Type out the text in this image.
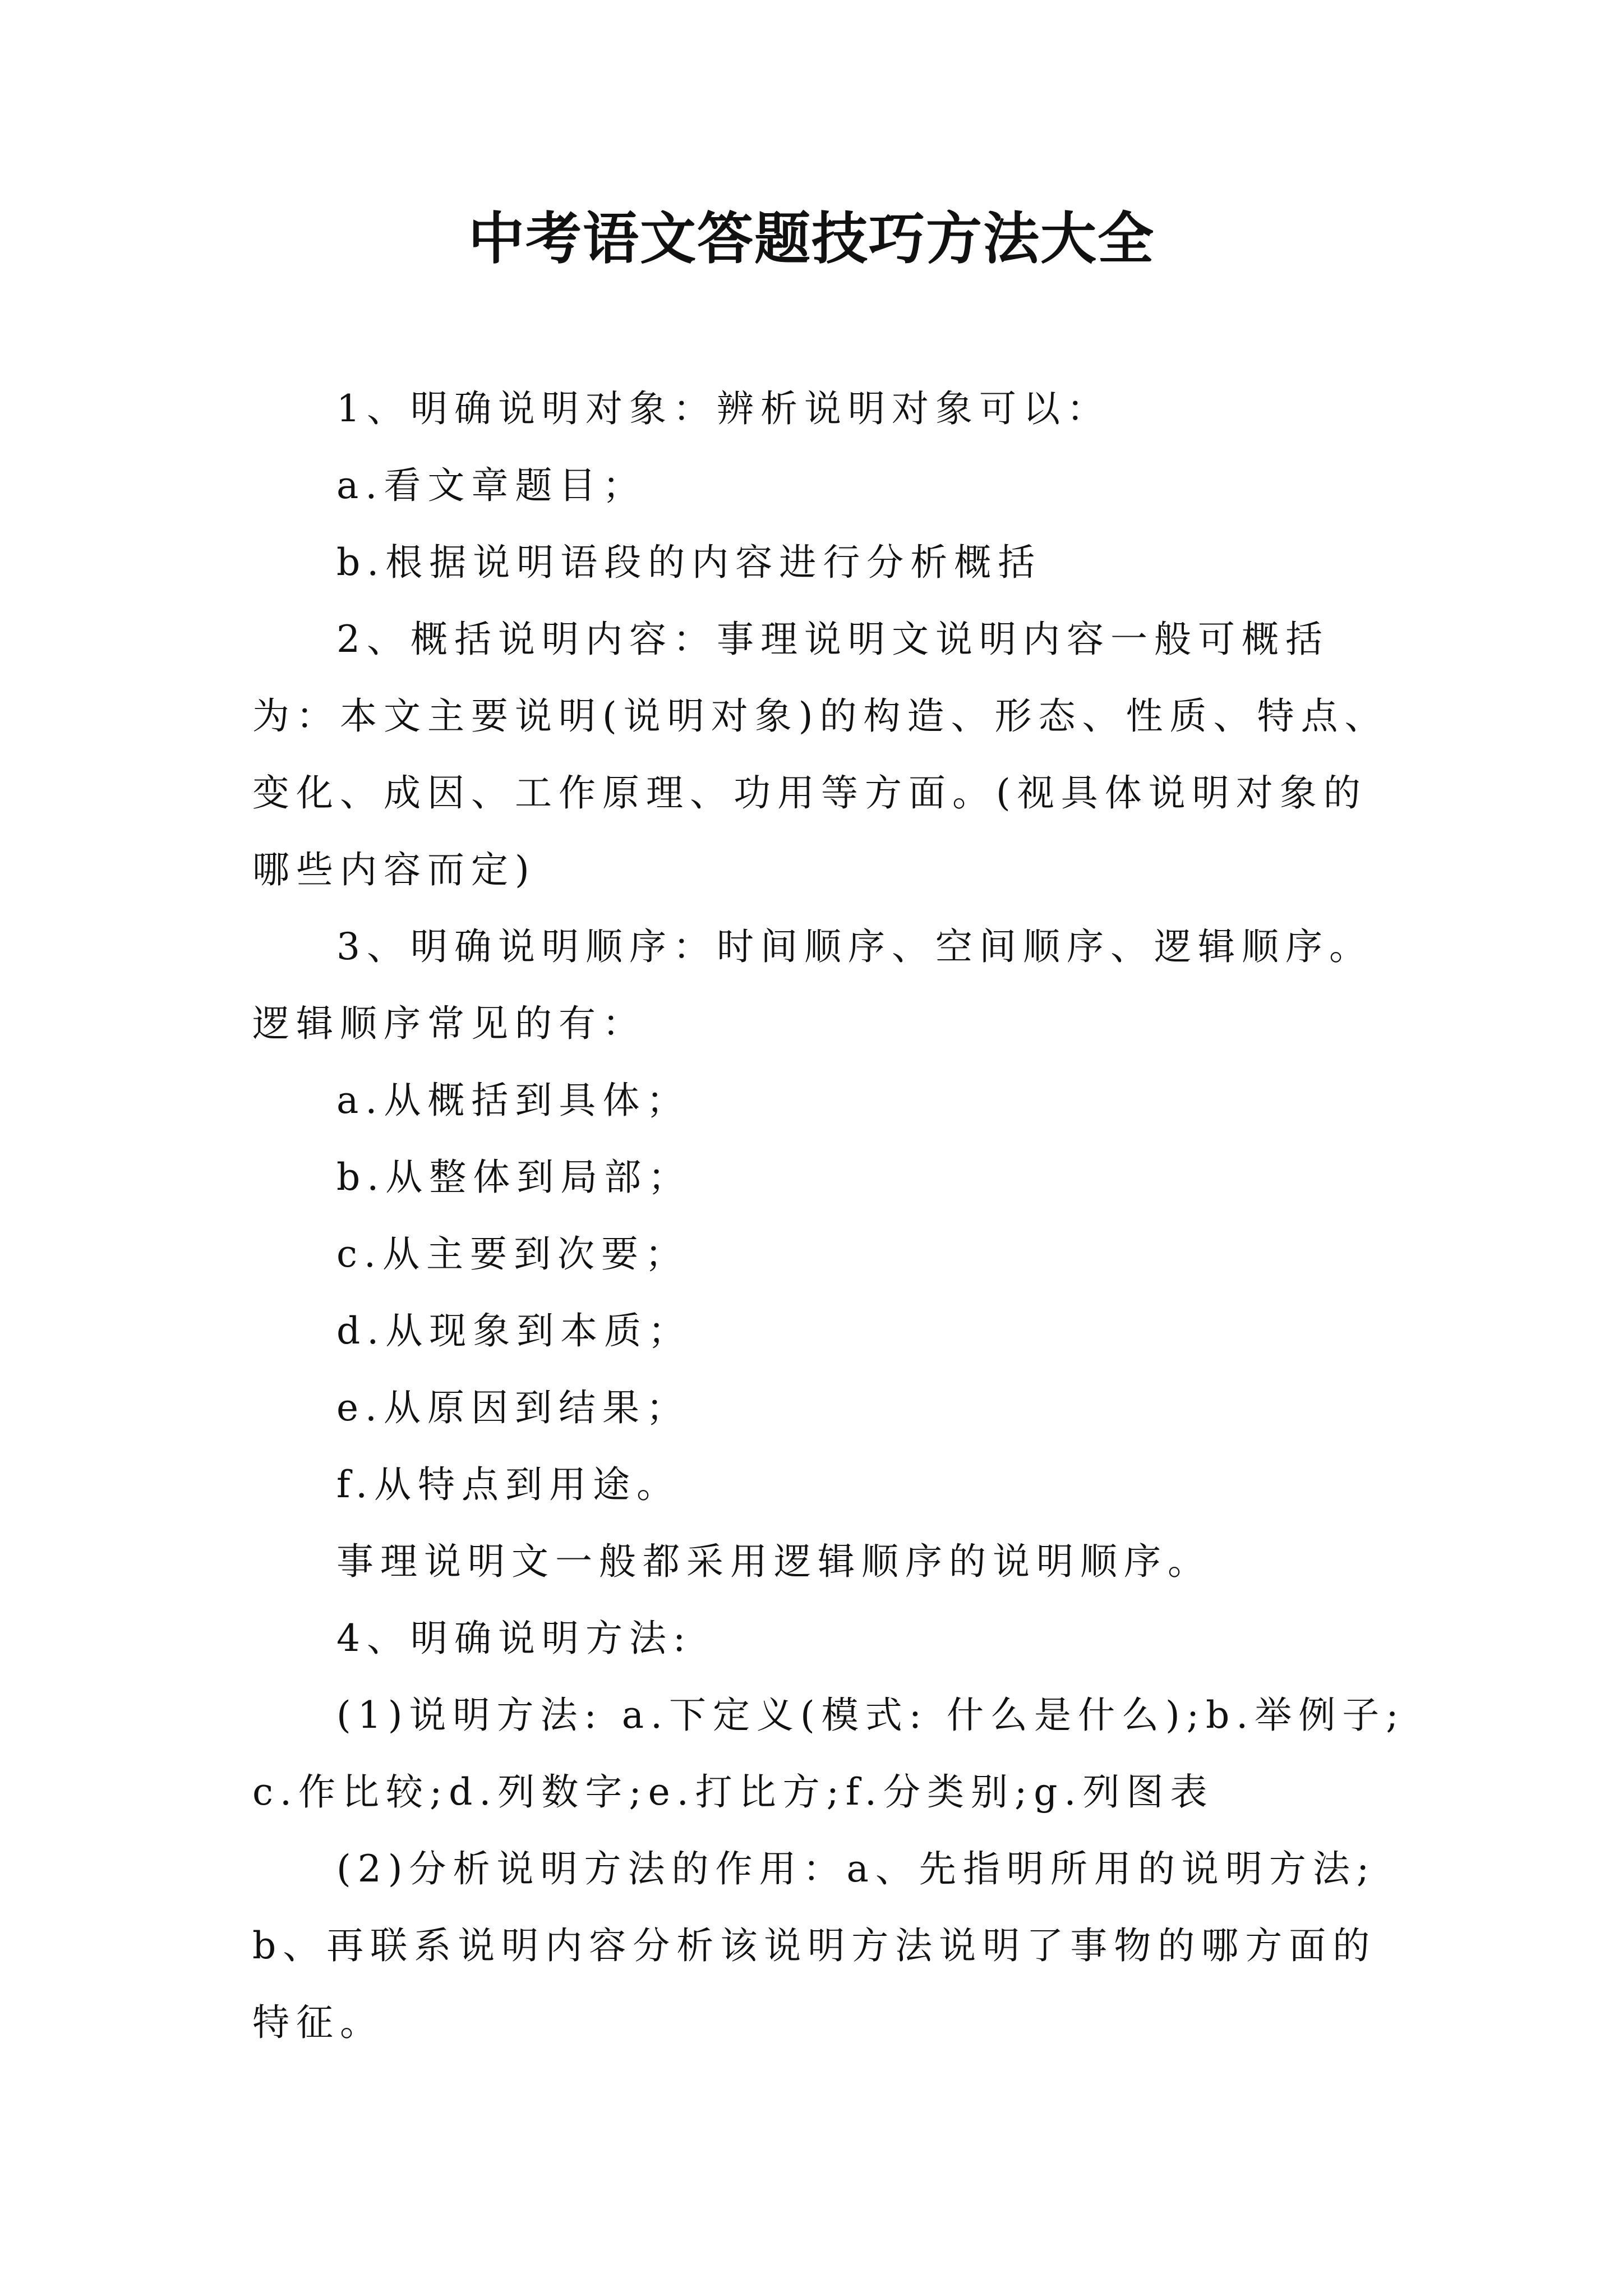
中考语文答题技巧方法大全

1、明确说明对象：辨析说明对象可以：

a.看文章题目；

b.根据说明语段的内容进行分析概括

2、概括说明内容：事理说明文说明内容一般可概括为：本文主要说明(说明对象)的构造、形态、性质、特点、变化、成因、工作原理、功用等方面。(视具体说明对象的哪些内容而定)

3、明确说明顺序：时间顺序、空间顺序、逻辑顺序。逻辑顺序常见的有：

a.从概括到具体；

b.从整体到局部；

c.从主要到次要；

d.从现象到本质；

e.从原因到结果；

f.从特点到用途。

事理说明文一般都采用逻辑顺序的说明顺序。

4、明确说明方法:

(1)说明方法: a.下定义(模式: 什么是什么);b.举例子;c.作比较;d.列数字;e.打比方;f.分类别;g.列图表

(2)分析说明方法的作用：a、先指明所用的说明方法;b、再联系说明内容分析该说明方法说明了事物的哪方面的特征。
